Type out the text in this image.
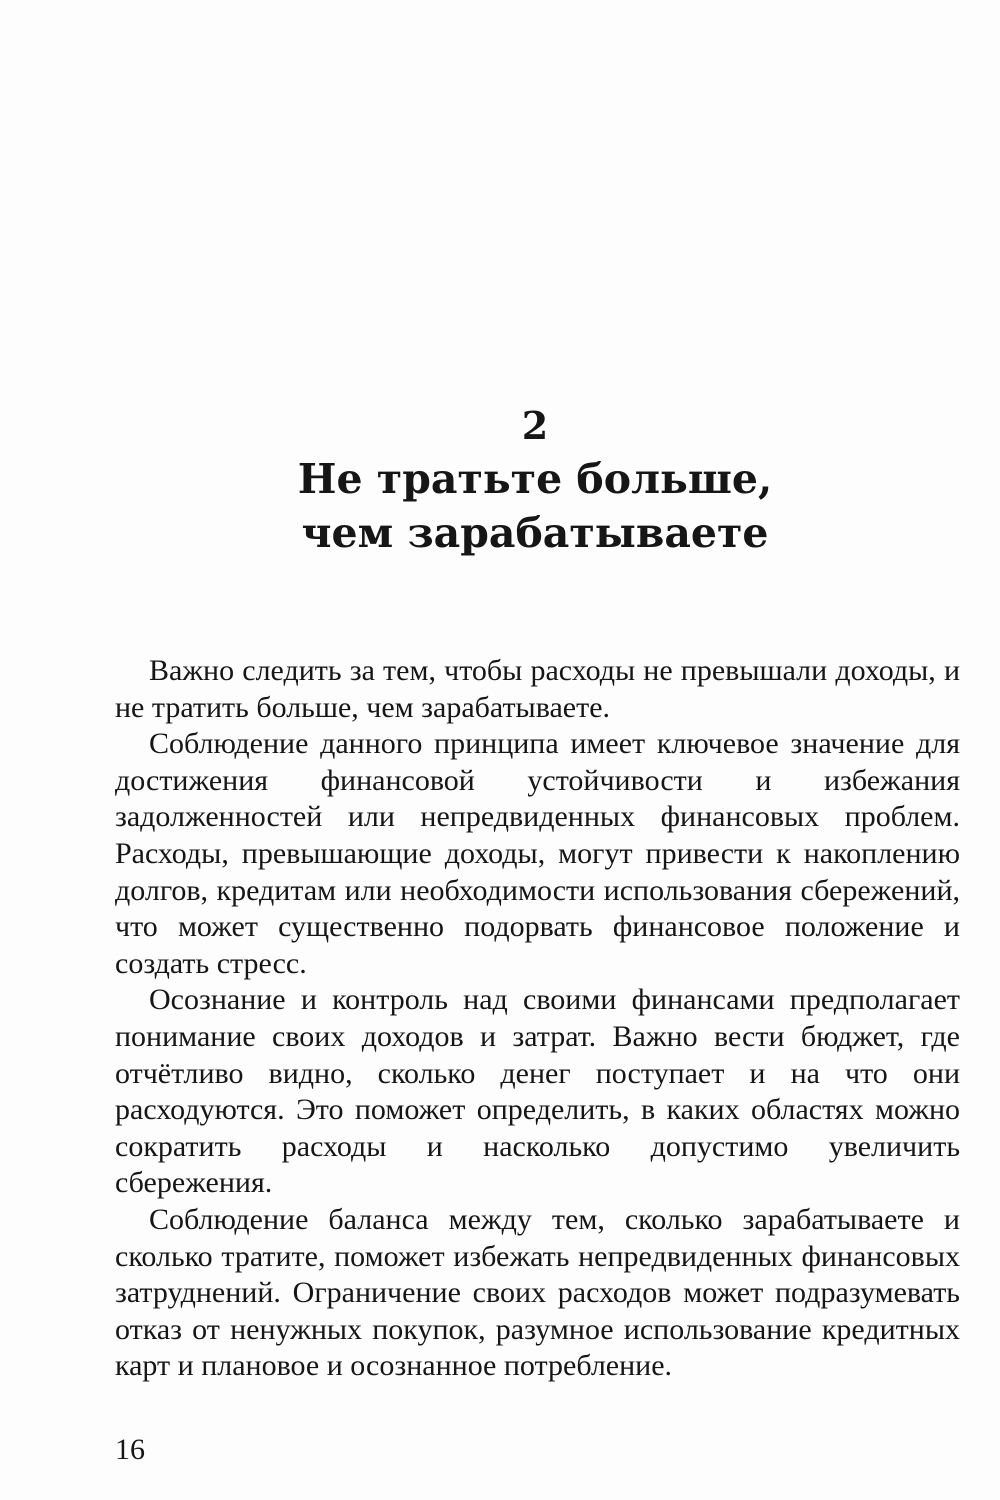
2
Не тратьте больше,
чем зарабатываете

Важно следить за тем, чтобы расходы не превышали доходы, и не тратить больше, чем зарабатываете.

Соблюдение данного принципа имеет ключевое значение для достижения финансовой устойчивости и избежания задолженностей или непредвиденных финансовых проблем. Расходы, превышающие доходы, могут привести к накоплению долгов, кредитам или необходимости использования сбережений, что может существенно подорвать финансовое положение и создать стресс.

Осознание и контроль над своими финансами предполагает понимание своих доходов и затрат. Важно вести бюджет, где отчётливо видно, сколько денег поступает и на что они расходуются. Это поможет определить, в каких областях можно сократить расходы и насколько допустимо увеличить сбережения.

Соблюдение баланса между тем, сколько зарабатываете и сколько тратите, поможет избежать непредвиденных финансовых затруднений. Ограничение своих расходов может подразумевать отказ от ненужных покупок, разумное использование кредитных карт и плановое и осознанное потребление.

16
